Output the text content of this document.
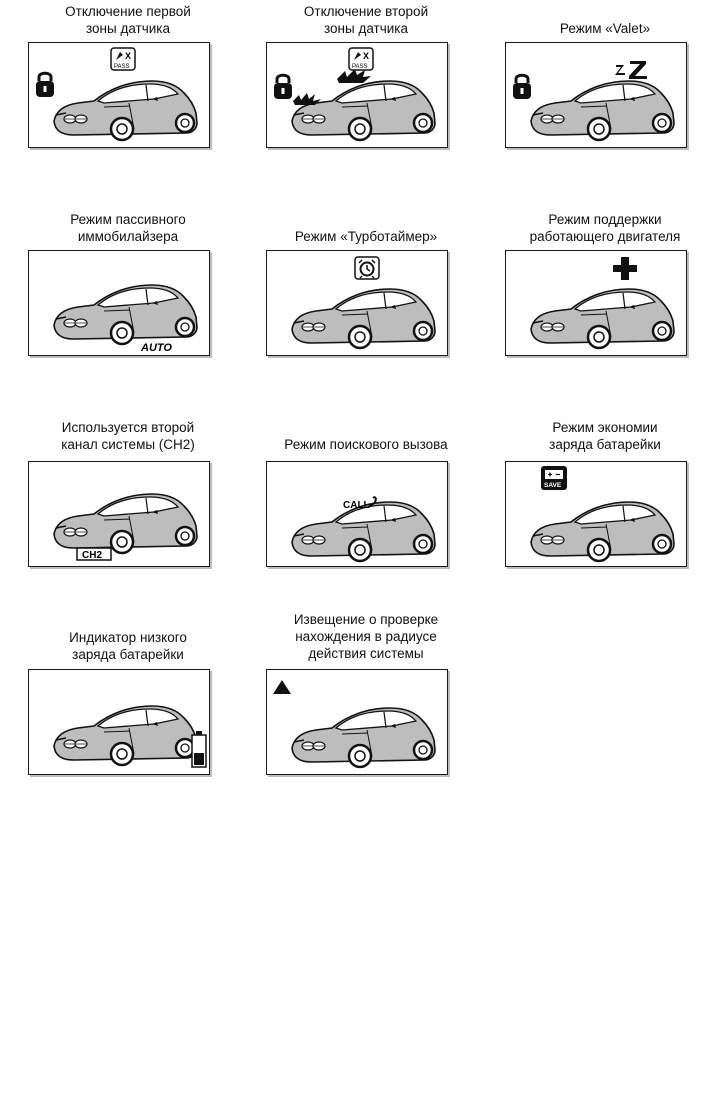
Отключение первой
зоны датчика
X
PASS
Отключение второй
зоны датчика
X
PASS
Режим «Valet»
Режим пассивного
иммобилайзера
AUTO
Режим «Турботаймер»
Режим поддержки
работающего двигателя
Используется второй
канал системы (CH2)
CH2
Режим поискового вызова
CALL
Режим экономии
заряда батарейки
SAVE
Индикатор низкого
заряда батарейки
Извещение о проверке
нахождения в радиусе
действия системы
